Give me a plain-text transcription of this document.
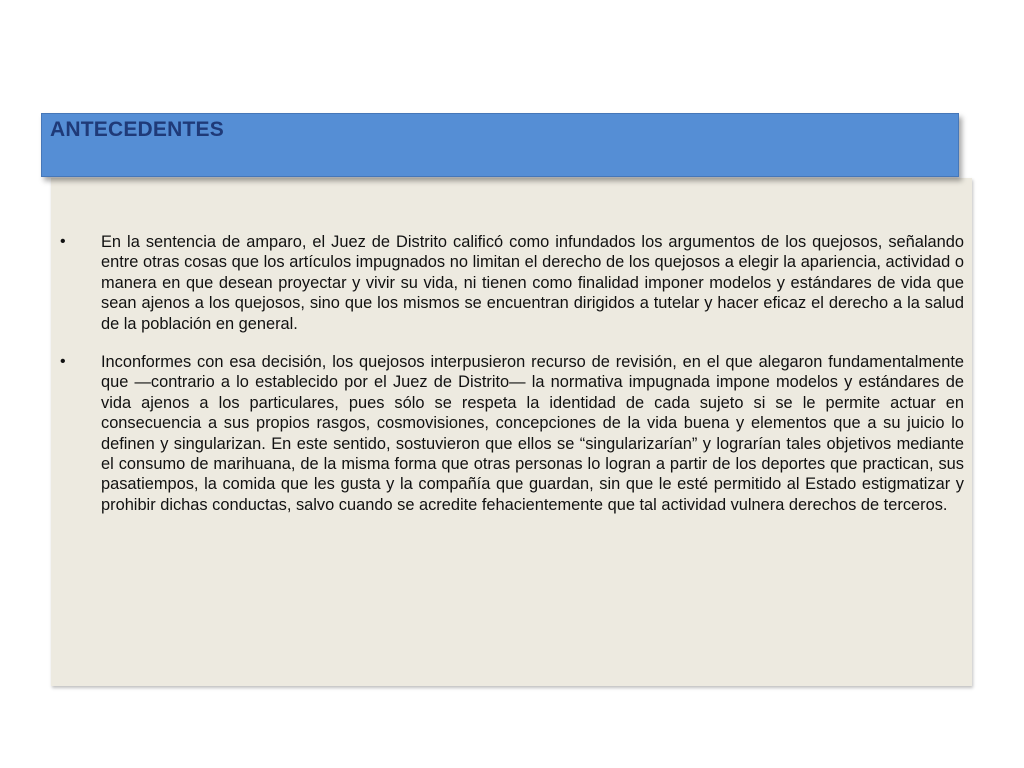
ANTECEDENTES
• En la sentencia de amparo, el Juez de Distrito calificó como infundados los argumentos de los quejosos, señalando entre otras cosas que los artículos impugnados no limitan el derecho de los quejosos a elegir la apariencia, actividad o manera en que desean proyectar y vivir su vida, ni tienen como finalidad imponer modelos y estándares de vida que sean ajenos a los quejosos, sino que los mismos se encuentran dirigidos a tutelar y hacer eficaz el derecho a la salud de la población en general.
• Inconformes con esa decisión, los quejosos interpusieron recurso de revisión, en el que alegaron fundamentalmente que —contrario a lo establecido por el Juez de Distrito— la normativa impugnada impone modelos y estándares de vida ajenos a los particulares, pues sólo se respeta la identidad de cada sujeto si se le permite actuar en consecuencia a sus propios rasgos, cosmovisiones, concepciones de la vida buena y elementos que a su juicio lo definen y singularizan. En este sentido, sostuvieron que ellos se “singularizarían” y lograrían tales objetivos mediante el consumo de marihuana, de la misma forma que otras personas lo logran a partir de los deportes que practican, sus pasatiempos, la comida que les gusta y la compañía que guardan, sin que le esté permitido al Estado estigmatizar y prohibir dichas conductas, salvo cuando se acredite fehacientemente que tal actividad vulnera derechos de terceros.
